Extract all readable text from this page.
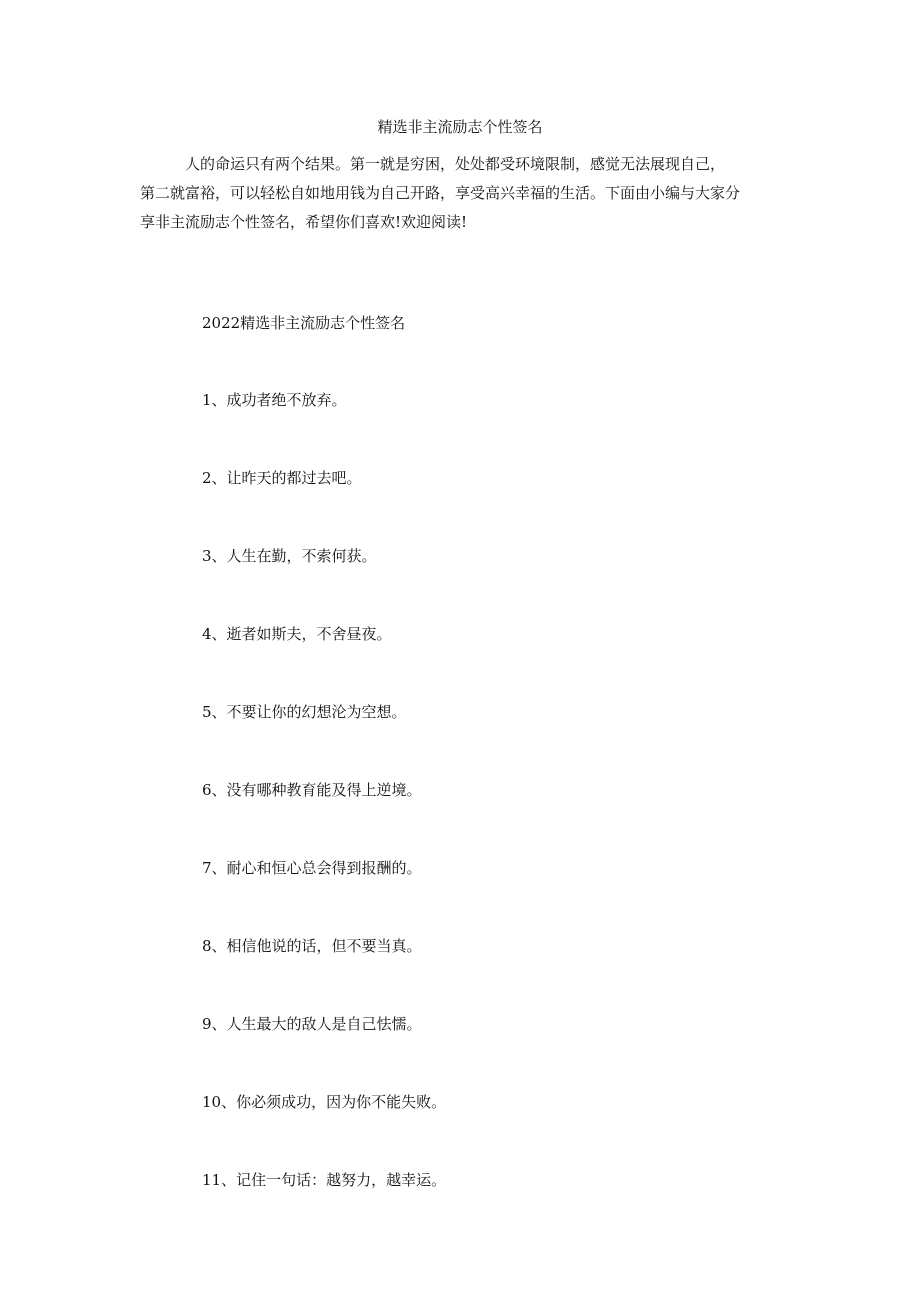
精选非主流励志个性签名

　　　人的命运只有两个结果。第一就是穷困，处处都受环境限制，感觉无法展现自己，

第二就富裕，可以轻松自如地用钱为自己开路，享受高兴幸福的生活。下面由小编与大家分

享非主流励志个性签名，希望你们喜欢!欢迎阅读!

2022精选非主流励志个性签名
1、成功者绝不放弃。
2、让昨天的都过去吧。
3、人生在勤，不索何获。
4、逝者如斯夫，不舍昼夜。
5、不要让你的幻想沦为空想。
6、没有哪种教育能及得上逆境。
7、耐心和恒心总会得到报酬的。
8、相信他说的话，但不要当真。
9、人生最大的敌人是自己怯懦。
10、你必须成功，因为你不能失败。
11、记住一句话：越努力，越幸运。
